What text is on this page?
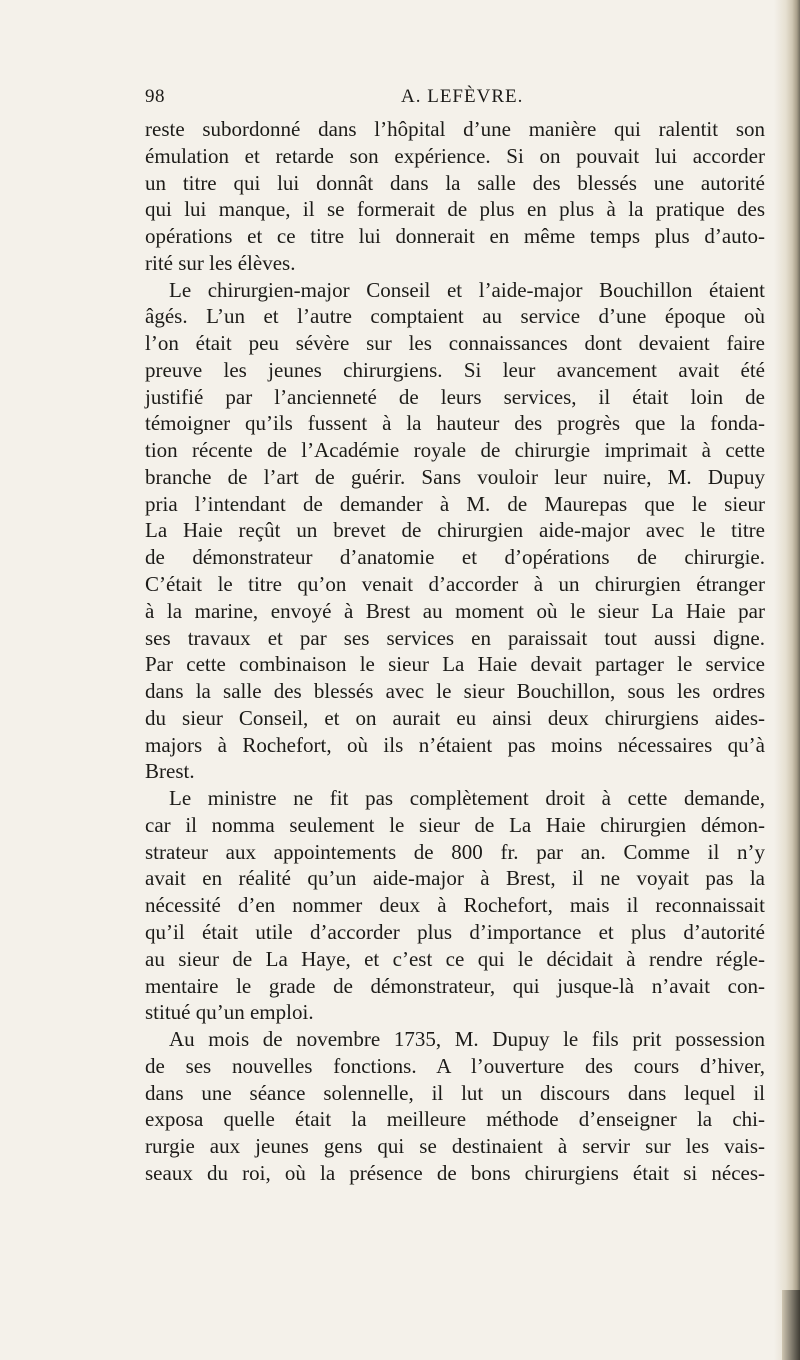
98	A. LEFÈVRE.
reste subordonné dans l’hôpital d’une manière qui ralentit son
émulation et retarde son expérience. Si on pouvait lui accorder
un titre qui lui donnât dans la salle des blessés une autorité
qui lui manque, il se formerait de plus en plus à la pratique des
opérations et ce titre lui donnerait en même temps plus d’auto-
rité sur les élèves.
Le chirurgien-major Conseil et l’aide-major Bouchillon étaient
âgés. L’un et l’autre comptaient au service d’une époque où
l’on était peu sévère sur les connaissances dont devaient faire
preuve les jeunes chirurgiens. Si leur avancement avait été
justifié par l’ancienneté de leurs services, il était loin de
témoigner qu’ils fussent à la hauteur des progrès que la fonda-
tion récente de l’Académie royale de chirurgie imprimait à cette
branche de l’art de guérir. Sans vouloir leur nuire, M. Dupuy
pria l’intendant de demander à M. de Maurepas que le sieur
La Haie reçût un brevet de chirurgien aide-major avec le titre
de démonstrateur d’anatomie et d’opérations de chirurgie.
C’était le titre qu’on venait d’accorder à un chirurgien étranger
à la marine, envoyé à Brest au moment où le sieur La Haie par
ses travaux et par ses services en paraissait tout aussi digne.
Par cette combinaison le sieur La Haie devait partager le service
dans la salle des blessés avec le sieur Bouchillon, sous les ordres
du sieur Conseil, et on aurait eu ainsi deux chirurgiens aides-
majors à Rochefort, où ils n’étaient pas moins nécessaires qu’à
Brest.
Le ministre ne fit pas complètement droit à cette demande,
car il nomma seulement le sieur de La Haie chirurgien démon-
strateur aux appointements de 800 fr. par an. Comme il n’y
avait en réalité qu’un aide-major à Brest, il ne voyait pas la
nécessité d’en nommer deux à Rochefort, mais il reconnaissait
qu’il était utile d’accorder plus d’importance et plus d’autorité
au sieur de La Haye, et c’est ce qui le décidait à rendre régle-
mentaire le grade de démonstrateur, qui jusque-là n’avait con-
stitué qu’un emploi.
Au mois de novembre 1735, M. Dupuy le fils prit possession
de ses nouvelles fonctions. A l’ouverture des cours d’hiver,
dans une séance solennelle, il lut un discours dans lequel il
exposa quelle était la meilleure méthode d’enseigner la chi-
rurgie aux jeunes gens qui se destinaient à servir sur les vais-
seaux du roi, où la présence de bons chirurgiens était si néces-
